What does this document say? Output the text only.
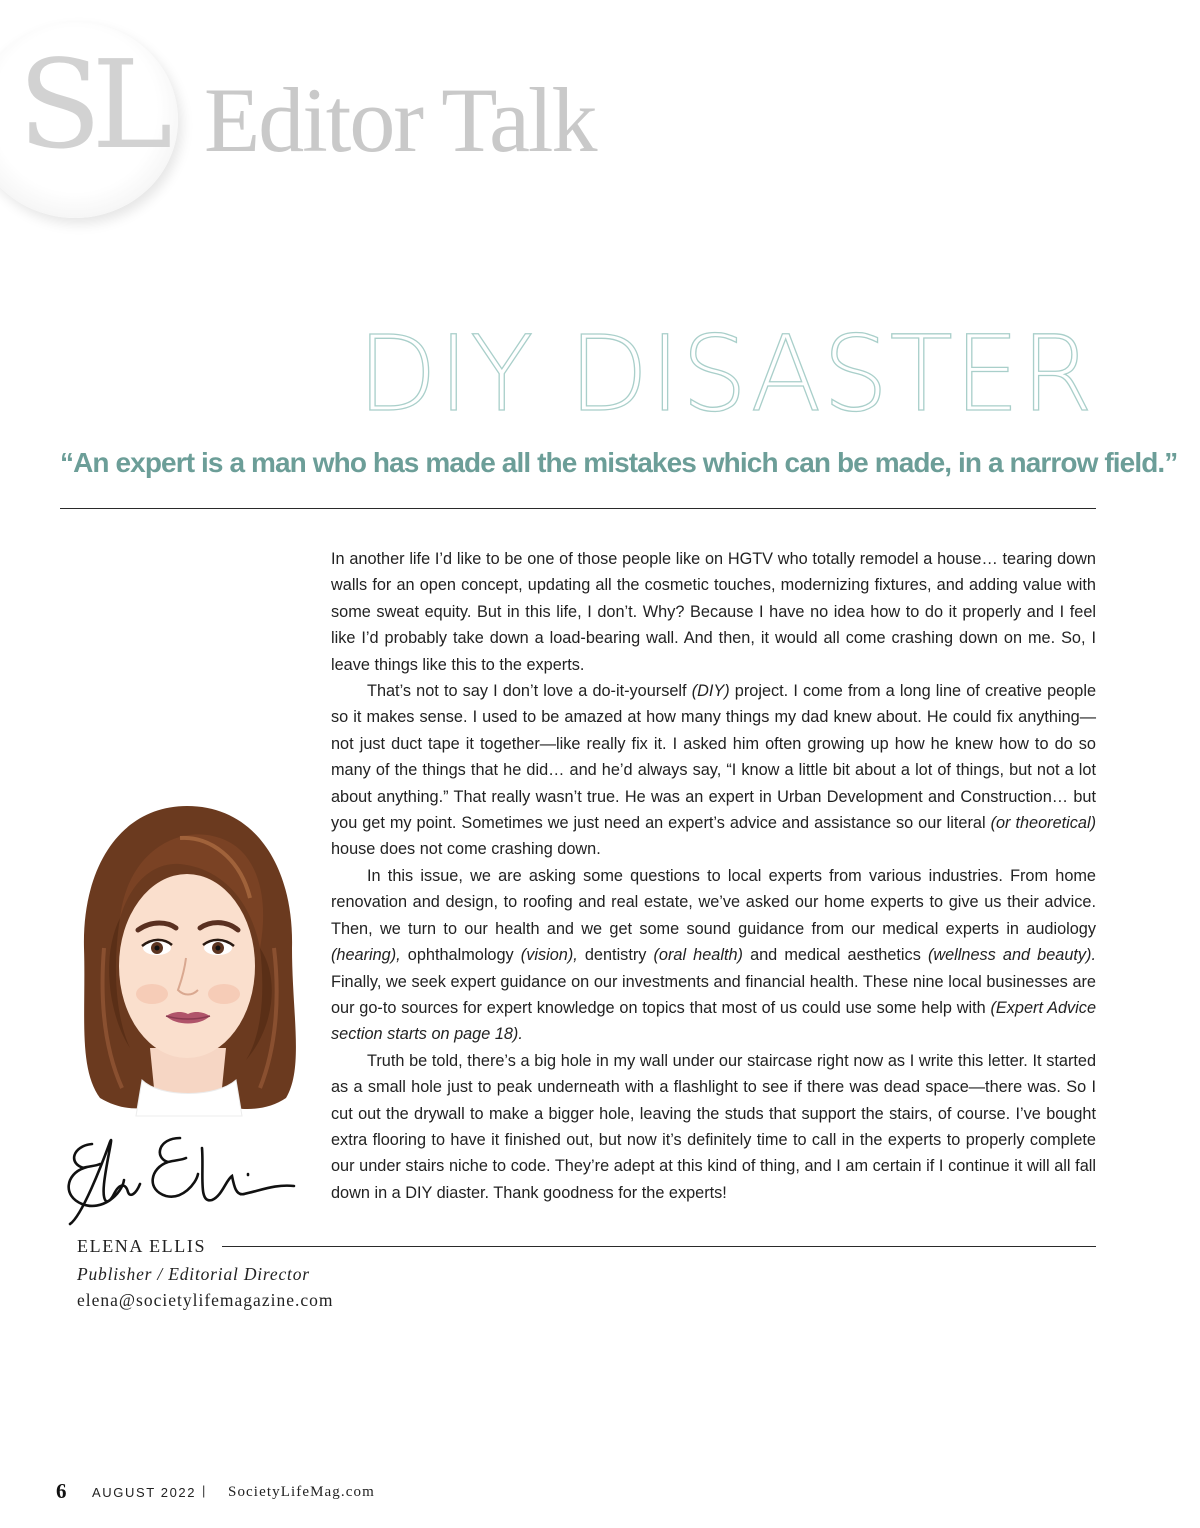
SL Editor Talk
DIY DISASTER
“An expert is a man who has made all the mistakes which can be made, in a narrow field.”

In another life I’d like to be one of those people like on HGTV who totally remodel a house… tearing down walls for an open concept, updating all the cosmetic touches, modernizing fixtures, and adding value with some sweat equity. But in this life, I don’t. Why? Because I have no idea how to do it properly and I feel like I’d probably take down a load-bearing wall. And then, it would all come crashing down on me. So, I leave things like this to the experts.

That’s not to say I don’t love a do-it-yourself (DIY) project. I come from a long line of creative people so it makes sense. I used to be amazed at how many things my dad knew about. He could fix anything—not just duct tape it together—like really fix it. I asked him often growing up how he knew how to do so many of the things that he did… and he’d always say, “I know a little bit about a lot of things, but not a lot about anything.” That really wasn’t true. He was an expert in Urban Development and Construction… but you get my point. Sometimes we just need an expert’s advice and assistance so our literal (or theoretical) house does not come crashing down.

In this issue, we are asking some questions to local experts from various industries. From home renovation and design, to roofing and real estate, we’ve asked our home experts to give us their advice. Then, we turn to our health and we get some sound guidance from our medical experts in audiology (hearing), ophthalmology (vision), dentistry (oral health) and medical aesthetics (wellness and beauty). Finally, we seek expert guidance on our investments and financial health. These nine local businesses are our go-to sources for expert knowledge on topics that most of us could use some help with (Expert Advice section starts on page 18).

Truth be told, there’s a big hole in my wall under our staircase right now as I write this letter. It started as a small hole just to peak underneath with a flashlight to see if there was dead space—there was. So I cut out the drywall to make a bigger hole, leaving the studs that support the stairs, of course. I’ve bought extra flooring to have it finished out, but now it’s definitely time to call in the experts to properly complete our under stairs niche to code. They’re adept at this kind of thing, and I am certain if I continue it will all fall down in a DIY diaster. Thank goodness for the experts!

ELENA ELLIS
Publisher / Editorial Director
elena@societylifemagazine.com
6 AUGUST 2022 | SocietyLifeMag.com
